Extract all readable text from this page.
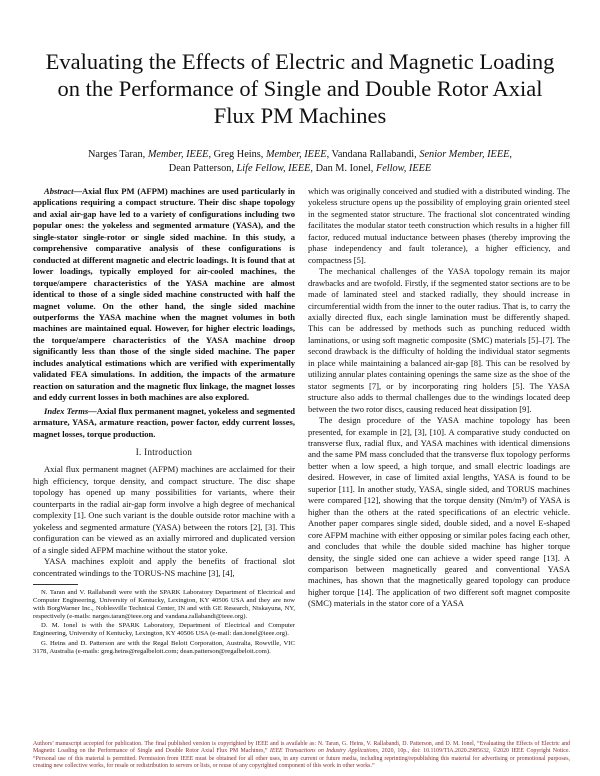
Evaluating the Effects of Electric and Magnetic Loading on the Performance of Single and Double Rotor Axial Flux PM Machines
Narges Taran, Member, IEEE, Greg Heins, Member, IEEE, Vandana Rallabandi, Senior Member, IEEE,
Dean Patterson, Life Fellow, IEEE, Dan M. Ionel, Fellow, IEEE

Abstract—Axial flux PM (AFPM) machines are used particularly in applications requiring a compact structure. Their disc shape topology and axial air-gap have led to a variety of configurations including two popular ones: the yokeless and segmented armature (YASA), and the single-stator single-rotor or single sided machine. In this study, a comprehensive comparative analysis of these configurations is conducted at different magnetic and electric loadings. It is found that at lower loadings, typically employed for air-cooled machines, the torque/ampere characteristics of the YASA machine are almost identical to those of a single sided machine constructed with half the magnet volume. On the other hand, the single sided machine outperforms the YASA machine when the magnet volumes in both machines are maintained equal. However, for higher electric loadings, the torque/ampere characteristics of the YASA machine droop significantly less than those of the single sided machine. The paper includes analytical estimations which are verified with experimentally validated FEA simulations. In addition, the impacts of the armature reaction on saturation and the magnetic flux linkage, the magnet losses and eddy current losses in both machines are also explored.

Index Terms—Axial flux permanent magnet, yokeless and segmented armature, YASA, armature reaction, power factor, eddy current losses, magnet losses, torque production.

I. Introduction

Axial flux permanent magnet (AFPM) machines are acclaimed for their high efficiency, torque density, and compact structure. The disc shape topology has opened up many possibilities for variants, where their counterparts in the radial air-gap form involve a high degree of mechanical complexity [1]. One such variant is the double outside rotor machine with a yokeless and segmented armature (YASA) between the rotors [2], [3]. This configuration can be viewed as an axially mirrored and duplicated version of a single sided AFPM machine without the stator yoke.

YASA machines exploit and apply the benefits of fractional slot concentrated windings to the TORUS-NS machine [3], [4],

N. Taran and V. Rallabandi were with the SPARK Laboratory Department of Electrical and Computer Engineering, University of Kentucky, Lexington, KY 40506 USA and they are now with BorgWarner Inc., Noblesville Technical Center, IN and with GE Research, Niskayuna, NY, respectively (e-mails: narges.taran@ieee.org and vandana.rallabandi@ieee.org).

D. M. Ionel is with the SPARK Laboratory, Department of Electrical and Computer Engineering, University of Kentucky, Lexington, KY 40506 USA (e-mail: dan.ionel@ieee.org).

G. Heins and D. Patterson are with the Regal Beloit Corporation, Australia, Rowville, VIC 3178, Australia (e-mails: greg.heins@regalbeloit.com; dean.patterson@regalbeloit.com).

which was originally conceived and studied with a distributed winding. The yokeless structure opens up the possibility of employing grain oriented steel in the segmented stator structure. The fractional slot concentrated winding facilitates the modular stator teeth construction which results in a higher fill factor, reduced mutual inductance between phases (thereby improving the phase independency and fault tolerance), a higher efficiency, and compactness [5].

The mechanical challenges of the YASA topology remain its major drawbacks and are twofold. Firstly, if the segmented stator sections are to be made of laminated steel and stacked radially, they should increase in circumferential width from the inner to the outer radius. That is, to carry the axially directed flux, each single lamination must be differently shaped. This can be addressed by methods such as punching reduced width laminations, or using soft magnetic composite (SMC) materials [5]–[7]. The second drawback is the difficulty of holding the individual stator segments in place while maintaining a balanced air-gap [8]. This can be resolved by utilizing annular plates containing openings the same size as the shoe of the stator segments [7], or by incorporating ring holders [5]. The YASA structure also adds to thermal challenges due to the windings located deep between the two rotor discs, causing reduced heat dissipation [9].

The design procedure of the YASA machine topology has been presented, for example in [2], [3], [10]. A comparative study conducted on transverse flux, radial flux, and YASA machines with identical dimensions and the same PM mass concluded that the transverse flux topology performs better when a low speed, a high torque, and small electric loadings are desired. However, in case of limited axial lengths, YASA is found to be superior [11]. In another study, YASA, single sided, and TORUS machines were compared [12], showing that the torque density (Nm/m³) of YASA is higher than the others at the rated specifications of an electric vehicle. Another paper compares single sided, double sided, and a novel E-shaped core AFPM machine with either opposing or similar poles facing each other, and concludes that while the double sided machine has higher torque density, the single sided one can achieve a wider speed range [13]. A comparison between magnetically geared and conventional YASA machines, has shown that the magnetically geared topology can produce higher torque [14]. The application of two different soft magnet composite (SMC) materials in the stator core of a YASA

Authors’ manuscript accepted for publication. The final published version is copyrighted by IEEE and is available as: N. Taran, G. Heins, V. Rallabandi, D. Patterson, and D. M. Ionel, “Evaluating the Effects of Electric and Magnetic Loading on the Performance of Single and Double Rotor Axial Flux PM Machines,” IEEE Transactions on Industry Applications, 2020, 10p., doi: 10.1109/TIA.2020.2985632, ©2020 IEEE Copyright Notice. “Personal use of this material is permitted. Permission from IEEE must be obtained for all other uses, in any current or future media, including reprinting/republishing this material for advertising or promotional purposes, creating new collective works, for resale or redistribution to servers or lists, or reuse of any copyrighted component of this work in other works.”
